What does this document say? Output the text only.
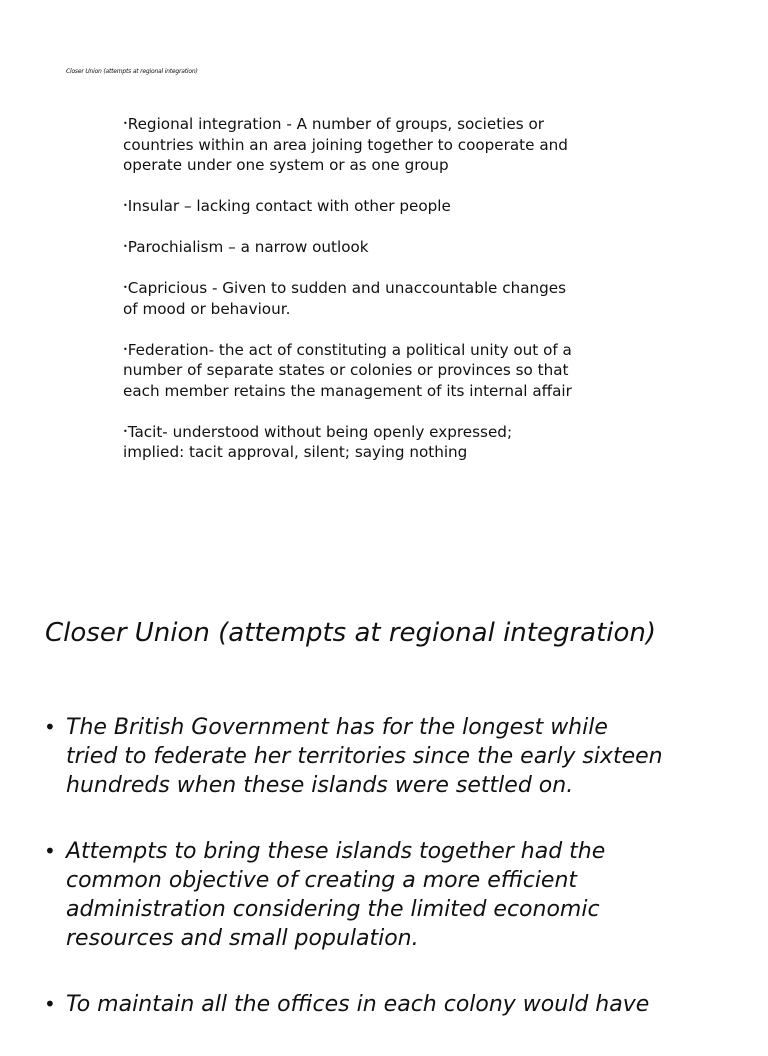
Closer Union (attempts at regional integration)

•Regional integration - A number of groups, societies or
countries within an area joining together to cooperate and
operate under one system or as one group

•Insular – lacking contact with other people

•Parochialism – a narrow outlook

•Capricious - Given to sudden and unaccountable changes
of mood or behaviour.

•Federation- the act of constituting a political unity out of a
number of separate states or colonies or provinces so that
each member retains the management of its internal affair

•Tacit- understood without being openly expressed;
implied: tacit approval, silent; saying nothing

Closer Union (attempts at regional integration)
• The British Government has for the longest while
tried to federate her territories since the early sixteen
hundreds when these islands were settled on.
• Attempts to bring these islands together had the
common objective of creating a more efficient
administration considering the limited economic
resources and small population.
• To maintain all the offices in each colony would have
